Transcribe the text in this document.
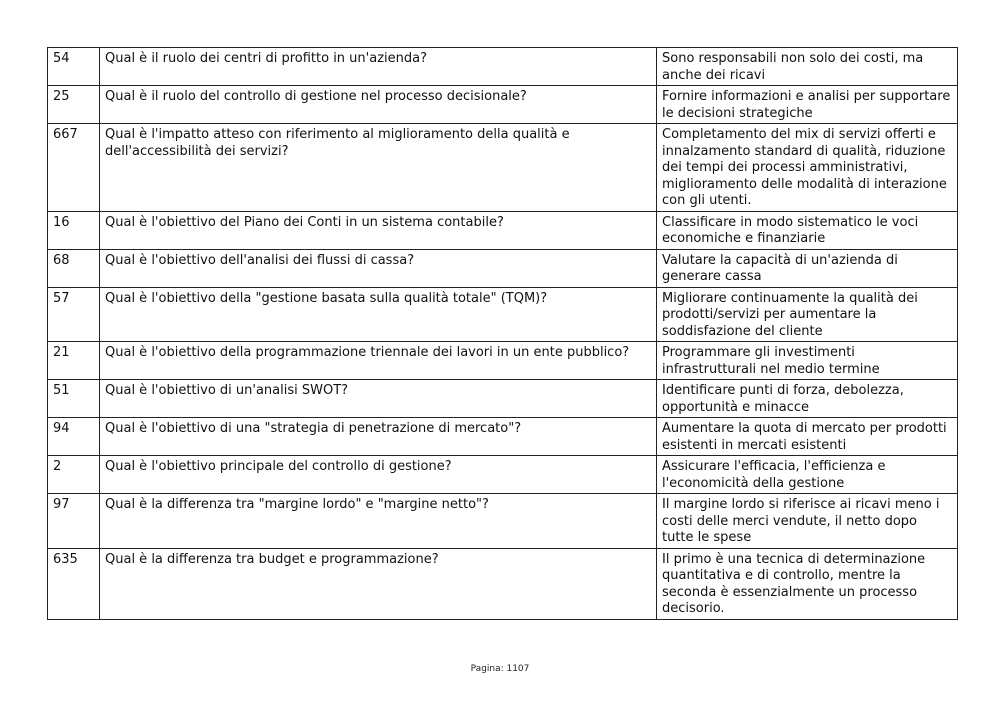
54	Qual è il ruolo dei centri di profitto in un'azienda?	Sono responsabili non solo dei costi, ma anche dei ricavi
25	Qual è il ruolo del controllo di gestione nel processo decisionale?	Fornire informazioni e analisi per supportare le decisioni strategiche
667	Qual è l'impatto atteso con riferimento al miglioramento della qualità e dell'accessibilità dei servizi?	Completamento del mix di servizi offerti e innalzamento standard di qualità, riduzione dei tempi dei processi amministrativi, miglioramento delle modalità di interazione con gli utenti.
16	Qual è l'obiettivo del Piano dei Conti in un sistema contabile?	Classificare in modo sistematico le voci economiche e finanziarie
68	Qual è l'obiettivo dell'analisi dei flussi di cassa?	Valutare la capacità di un'azienda di generare cassa
57	Qual è l'obiettivo della "gestione basata sulla qualità totale" (TQM)?	Migliorare continuamente la qualità dei prodotti/servizi per aumentare la soddisfazione del cliente
21	Qual è l'obiettivo della programmazione triennale dei lavori in un ente pubblico?	Programmare gli investimenti infrastrutturali nel medio termine
51	Qual è l'obiettivo di un'analisi SWOT?	Identificare punti di forza, debolezza, opportunità e minacce
94	Qual è l'obiettivo di una "strategia di penetrazione di mercato"?	Aumentare la quota di mercato per prodotti esistenti in mercati esistenti
2	Qual è l'obiettivo principale del controllo di gestione?	Assicurare l'efficacia, l'efficienza e l'economicità della gestione
97	Qual è la differenza tra "margine lordo" e "margine netto"?	Il margine lordo si riferisce ai ricavi meno i costi delle merci vendute, il netto dopo tutte le spese
635	Qual è la differenza tra budget e programmazione?	Il primo è una tecnica di determinazione quantitativa e di controllo, mentre la seconda è essenzialmente un processo decisorio.
Pagina: 1107
